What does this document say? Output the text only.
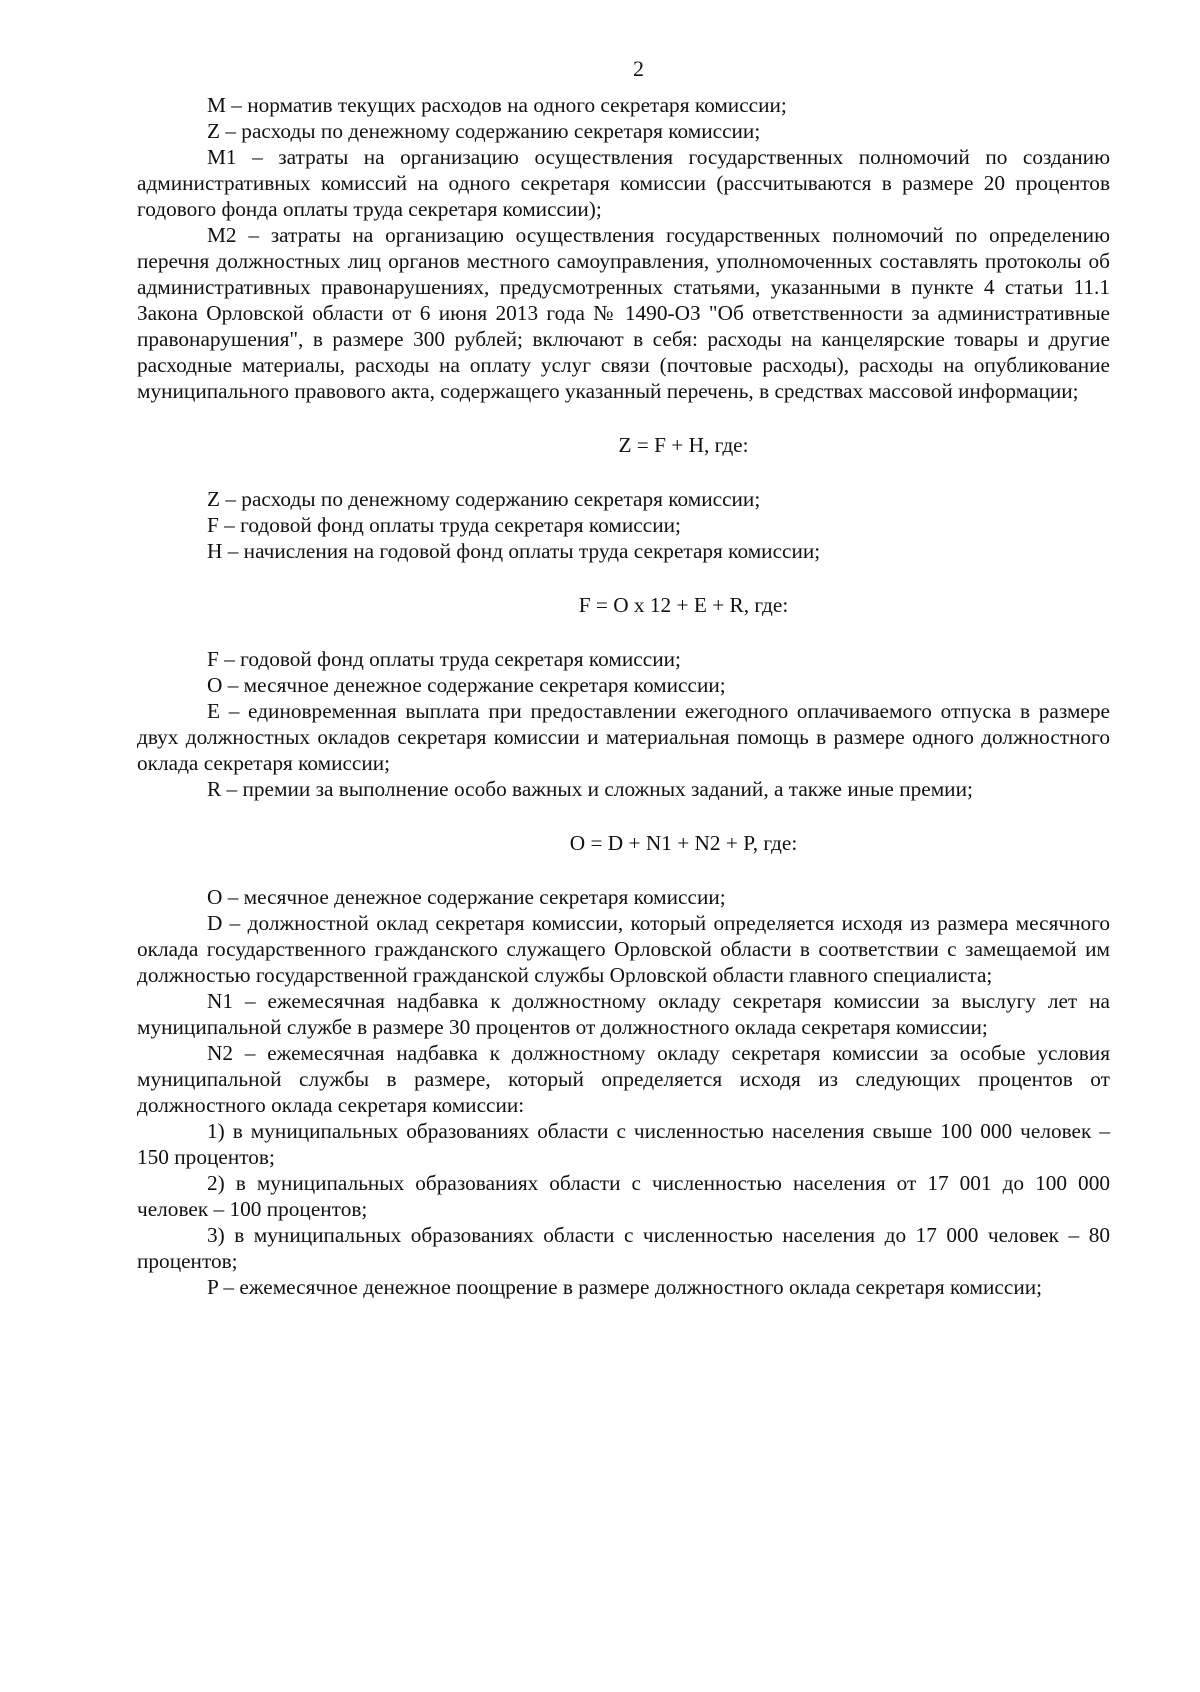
2

M – норматив текущих расходов на одного секретаря комиссии;

Z – расходы по денежному содержанию секретаря комиссии;

M1 – затраты на организацию осуществления государственных полномочий по созданию административных комиссий на одного секретаря комиссии (рассчитываются в размере 20 процентов годового фонда оплаты труда секретаря комиссии);

M2 – затраты на организацию осуществления государственных полномочий по определению перечня должностных лиц органов местного самоуправления, уполномоченных составлять протоколы об административных правонарушениях, предусмотренных статьями, указанными в пункте 4 статьи 11.1 Закона Орловской области от 6 июня 2013 года № 1490-ОЗ "Об ответственности за административные правонарушения", в размере 300 рублей; включают в себя: расходы на канцелярские товары и другие расходные материалы, расходы на оплату услуг связи (почтовые расходы), расходы на опубликование муниципального правового акта, содержащего указанный перечень, в средствах массовой информации;

Z = F + H, где:

Z – расходы по денежному содержанию секретаря комиссии;

F – годовой фонд оплаты труда секретаря комиссии;

H – начисления на годовой фонд оплаты труда секретаря комиссии;

F = O x 12 + E + R, где:

F – годовой фонд оплаты труда секретаря комиссии;

O – месячное денежное содержание секретаря комиссии;

E – единовременная выплата при предоставлении ежегодного оплачиваемого отпуска в размере двух должностных окладов секретаря комиссии и материальная помощь в размере одного должностного оклада секретаря комиссии;

R – премии за выполнение особо важных и сложных заданий, а также иные премии;

O = D + N1 + N2 + P, где:

O – месячное денежное содержание секретаря комиссии;

D – должностной оклад секретаря комиссии, который определяется исходя из размера месячного оклада государственного гражданского служащего Орловской области в соответствии с замещаемой им должностью государственной гражданской службы Орловской области главного специалиста;

N1 – ежемесячная надбавка к должностному окладу секретаря комиссии за выслугу лет на муниципальной службе в размере 30 процентов от должностного оклада секретаря комиссии;

N2 – ежемесячная надбавка к должностному окладу секретаря комиссии за особые условия муниципальной службы в размере, который определяется исходя из следующих процентов от должностного оклада секретаря комиссии:

1) в муниципальных образованиях области с численностью населения свыше 100 000 человек – 150 процентов;

2) в муниципальных образованиях области с численностью населения от 17 001 до 100 000 человек – 100 процентов;

3) в муниципальных образованиях области с численностью населения до 17 000 человек – 80 процентов;

P – ежемесячное денежное поощрение в размере должностного оклада секретаря комиссии;
